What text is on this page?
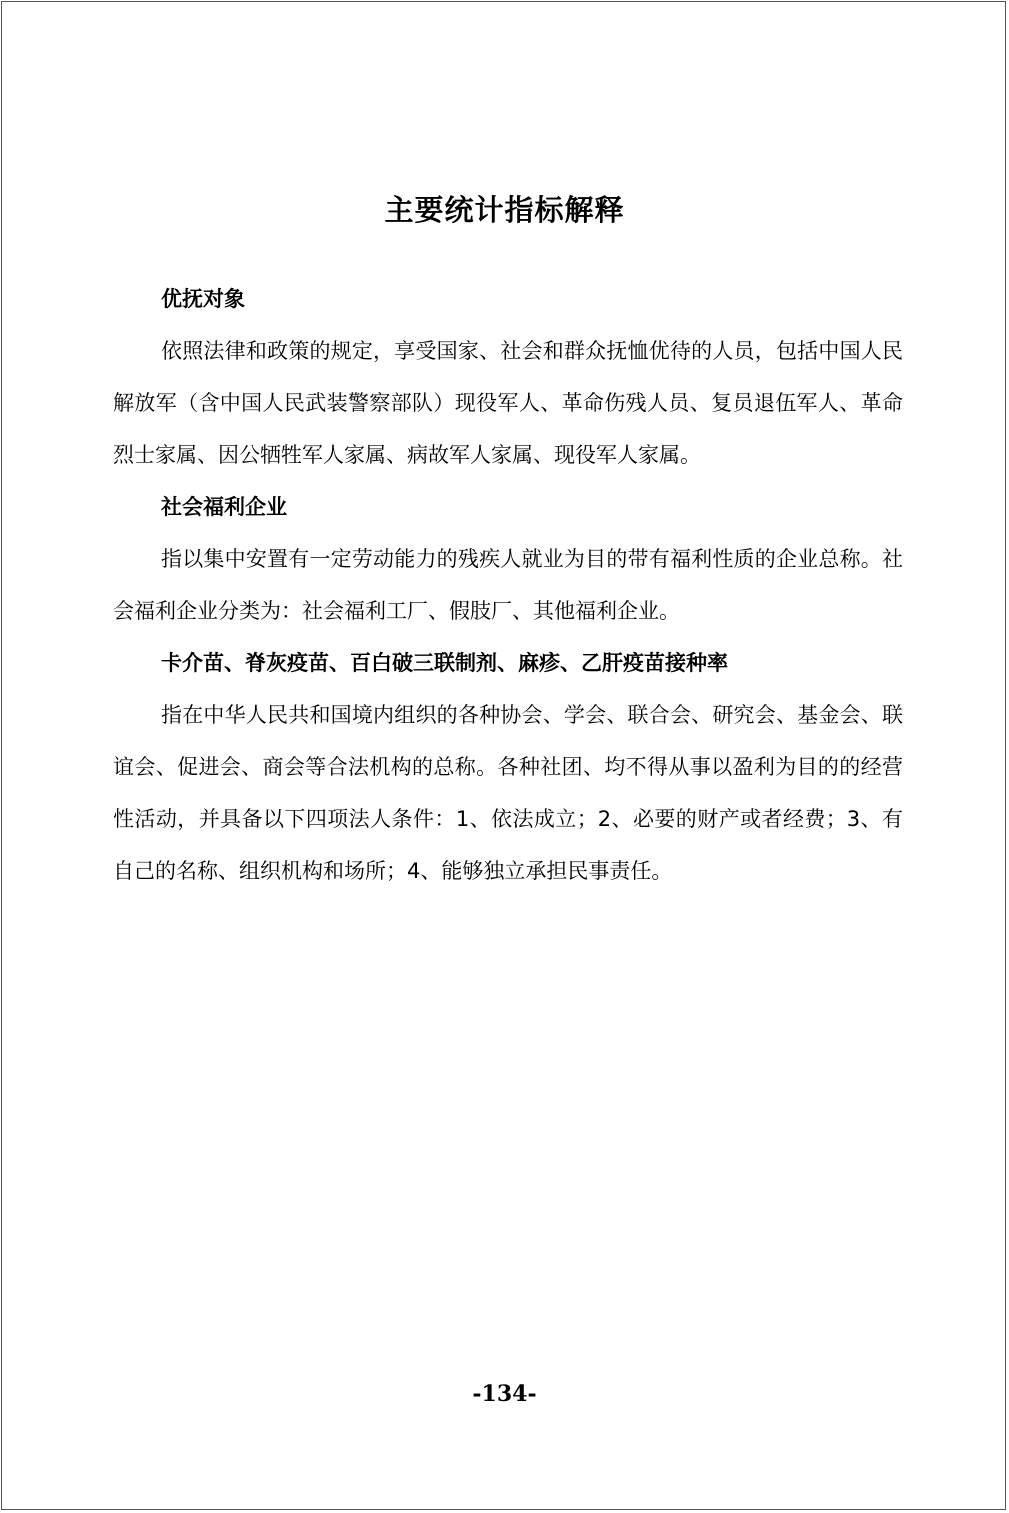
主要统计指标解释

优抚对象

依照法律和政策的规定，享受国家、社会和群众抚恤优待的人员，包括中国人民解放军（含中国人民武装警察部队）现役军人、革命伤残人员、复员退伍军人、革命烈士家属、因公牺牲军人家属、病故军人家属、现役军人家属。

社会福利企业

指以集中安置有一定劳动能力的残疾人就业为目的带有福利性质的企业总称。社会福利企业分类为：社会福利工厂、假肢厂、其他福利企业。

卡介苗、脊灰疫苗、百白破三联制剂、麻疹、乙肝疫苗接种率

指在中华人民共和国境内组织的各种协会、学会、联合会、研究会、基金会、联谊会、促进会、商会等合法机构的总称。各种社团、均不得从事以盈利为目的的经营性活动，并具备以下四项法人条件：1、依法成立；2、必要的财产或者经费；3、有自己的名称、组织机构和场所；4、能够独立承担民事责任。

-134-
